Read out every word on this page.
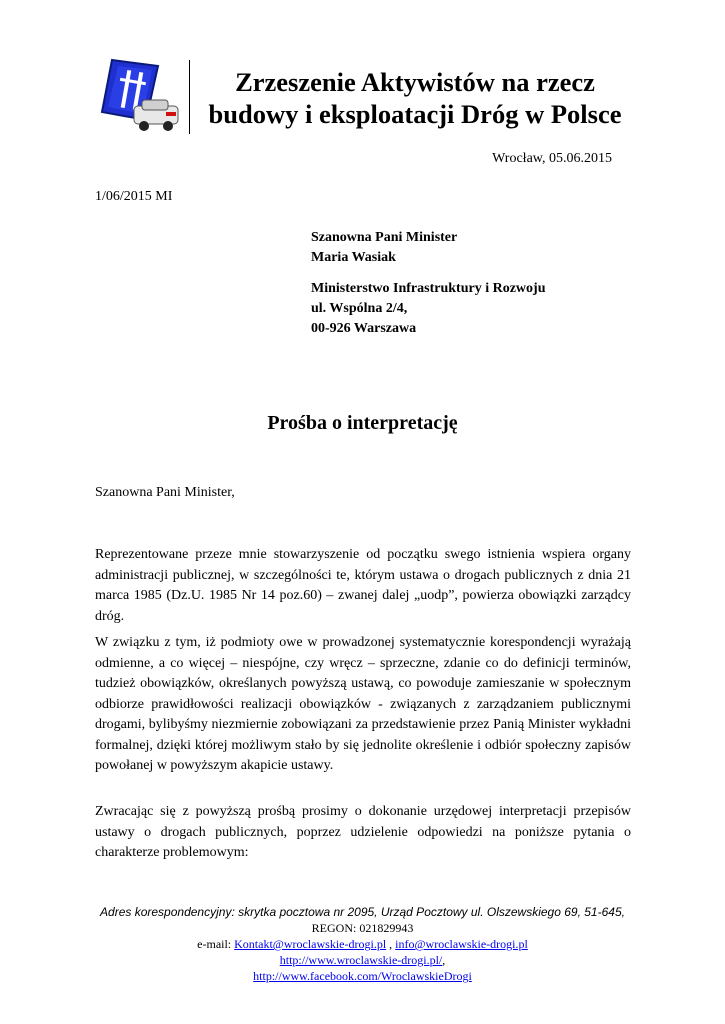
Zrzeszenie Aktywistów na rzecz
budowy i eksploatacji Dróg w Polsce
Wrocław, 05.06.2015
1/06/2015 MI
Szanowna Pani Minister
Maria Wasiak
Ministerstwo Infrastruktury i Rozwoju
ul. Wspólna 2/4,
00-926 Warszawa
Prośba o interpretację
Szanowna Pani Minister,
Reprezentowane przeze mnie stowarzyszenie od początku swego istnienia wspiera organy administracji publicznej, w szczególności te, którym ustawa o drogach publicznych z dnia 21 marca 1985 (Dz.U. 1985 Nr 14 poz.60) – zwanej dalej „uodp”, powierza obowiązki zarządcy dróg.
W związku z tym, iż podmioty owe w prowadzonej systematycznie korespondencji wyrażają odmienne, a co więcej – niespójne, czy wręcz – sprzeczne, zdanie co do definicji terminów, tudzież obowiązków, określanych powyższą ustawą, co powoduje zamieszanie w społecznym odbiorze prawidłowości realizacji obowiązków - związanych z zarządzaniem publicznymi drogami, bylibyśmy niezmiernie zobowiązani za przedstawienie przez Panią Minister wykładni formalnej, dzięki której możliwym stało by się jednolite określenie i odbiór społeczny zapisów powołanej w powyższym akapicie ustawy.
Zwracając się z powyższą prośbą prosimy o dokonanie urzędowej interpretacji przepisów ustawy o drogach publicznych, poprzez udzielenie odpowiedzi na poniższe pytania o charakterze problemowym:
Adres korespondencyjny: skrytka pocztowa nr 2095, Urząd Pocztowy ul. Olszewskiego 69, 51-645,
REGON: 021829943
e-mail: Kontakt@wroclawskie-drogi.pl , info@wroclawskie-drogi.pl
http://www.wroclawskie-drogi.pl/,
http://www.facebook.com/WroclawskieDrogi
